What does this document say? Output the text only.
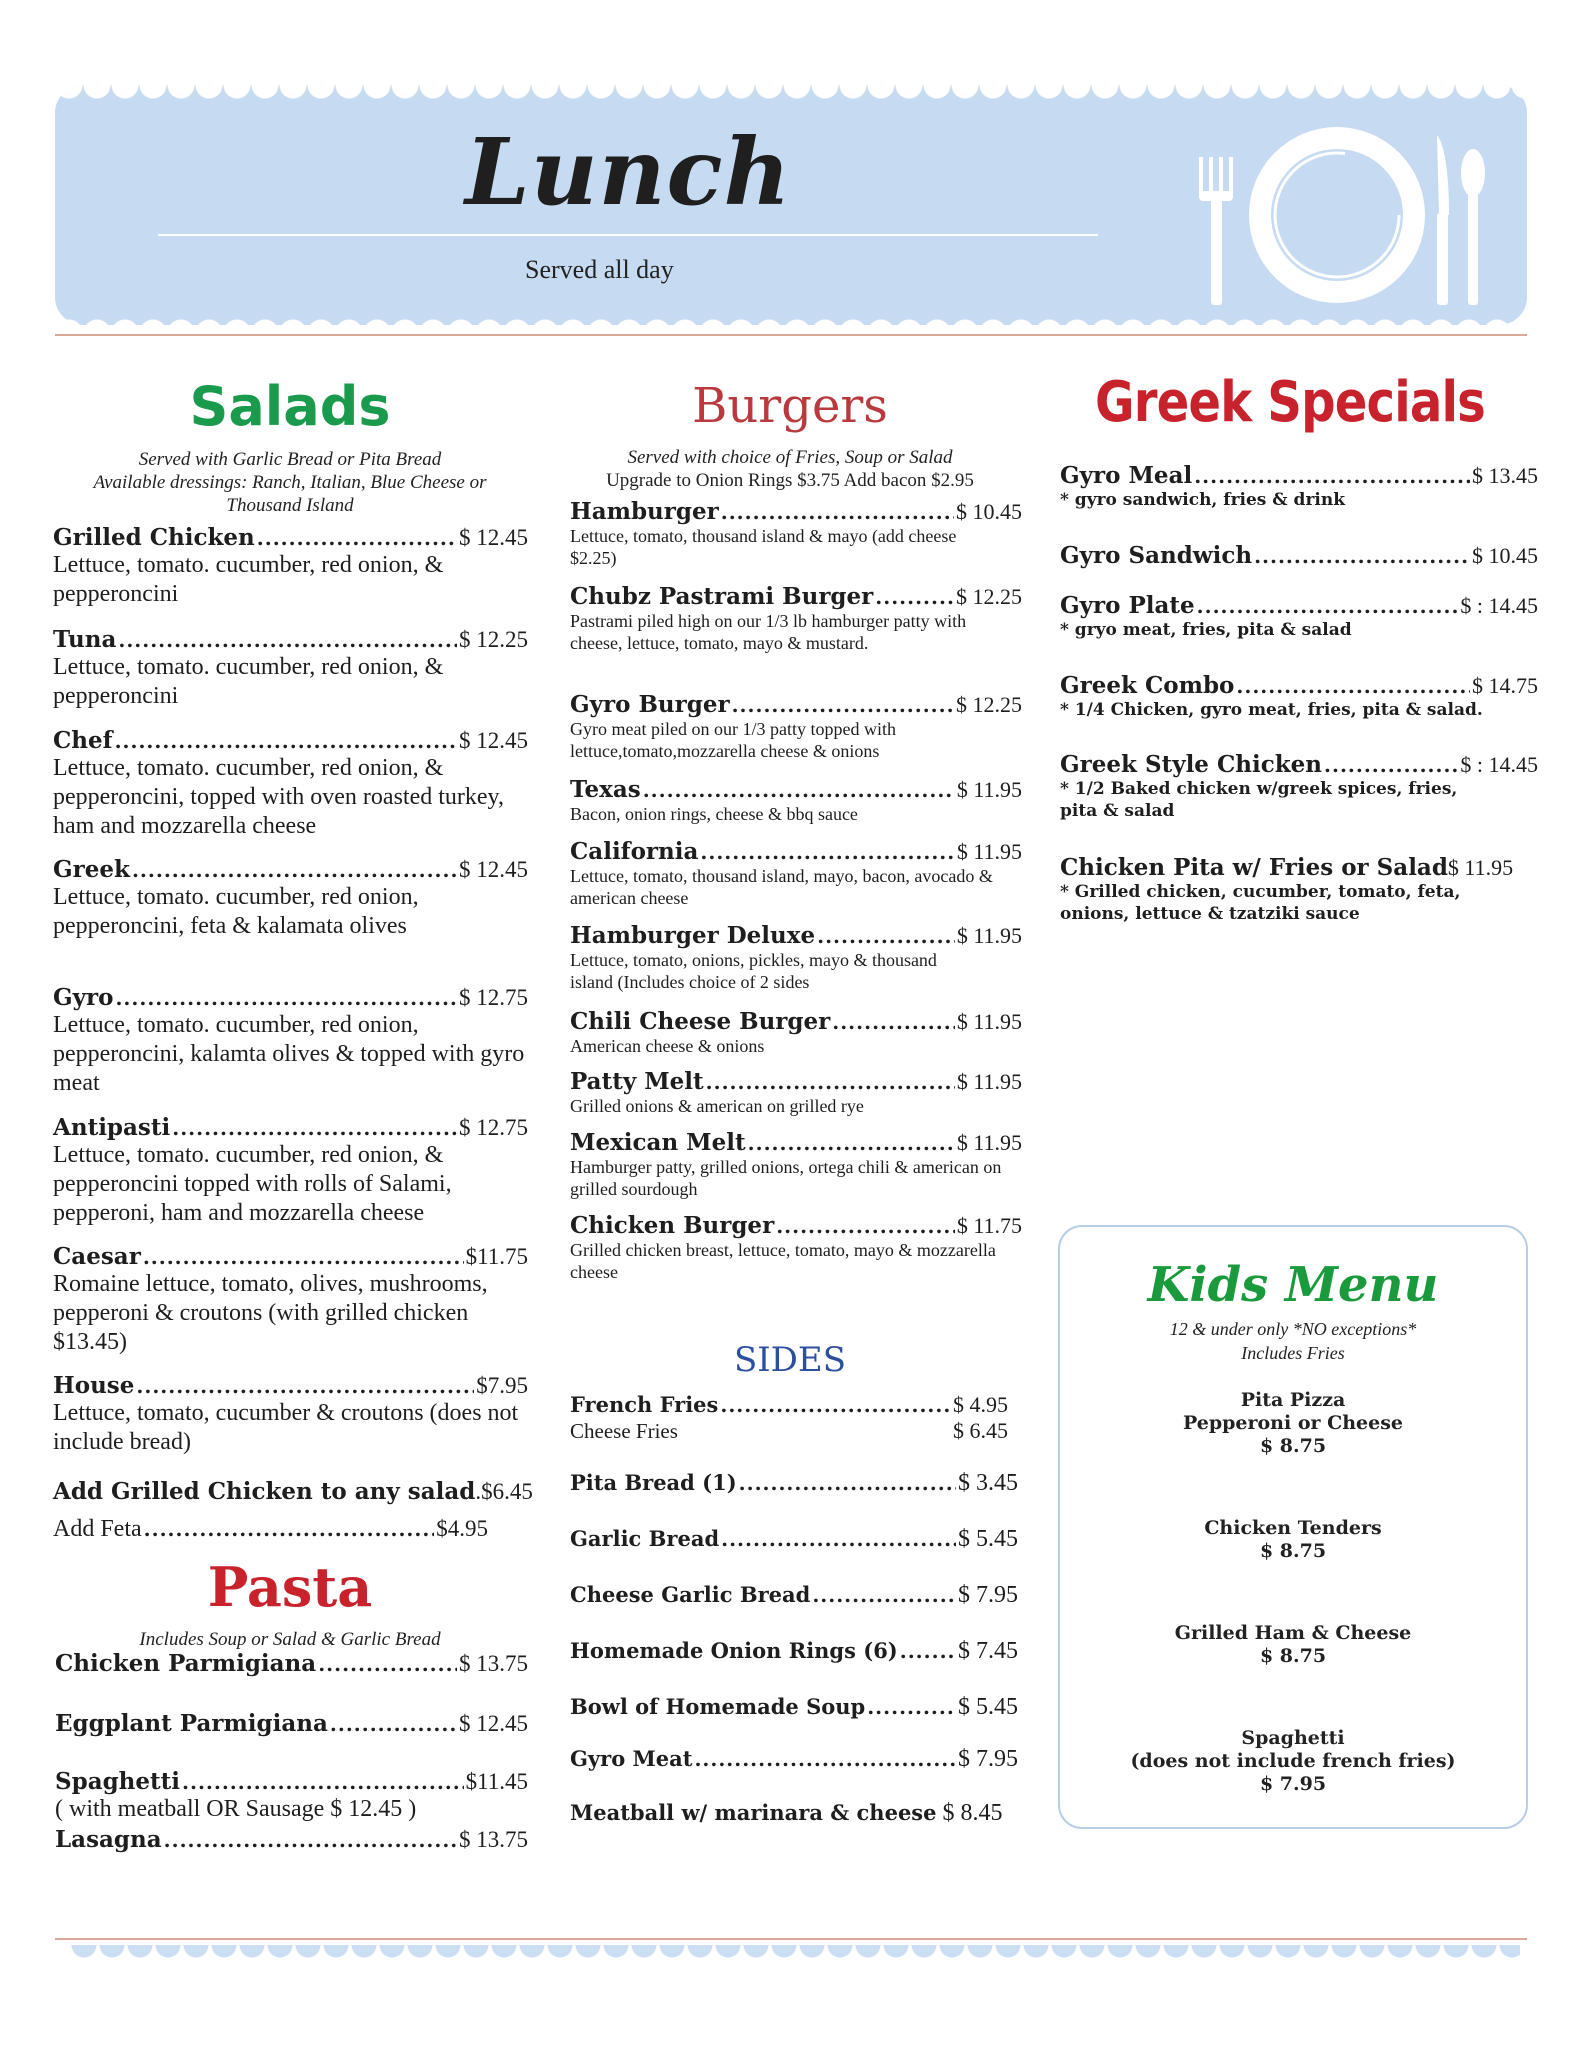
Lunch
Served all day
Salads
Served with Garlic Bread or Pita Bread
Available dressings: Ranch, Italian, Blue Cheese or
Thousand Island
Grilled Chicken .....	$ 12.45
Lettuce, tomato. cucumber, red onion, & pepperoncini
Tuna .....	$ 12.25
Lettuce, tomato. cucumber, red onion, & pepperoncini
Chef .....	$ 12.45
Lettuce, tomato. cucumber, red onion, & pepperoncini, topped with oven roasted turkey, ham and mozzarella cheese
Greek .....	$ 12.45
Lettuce, tomato. cucumber, red onion, pepperoncini, feta & kalamata olives
Gyro .....	$ 12.75
Lettuce, tomato. cucumber, red onion, pepperoncini, kalamta olives & topped with gyro meat
Antipasti .....	$ 12.75
Lettuce, tomato. cucumber, red onion, & pepperoncini topped with rolls of Salami, pepperoni, ham and mozzarella cheese
Caesar .....	$11.75
Romaine lettuce, tomato, olives, mushrooms, pepperoni & croutons (with grilled chicken $13.45)
House .....	$7.95
Lettuce, tomato, cucumber & croutons (does not include bread)
Add Grilled Chicken to any salad .$6.45
Add Feta .....	$4.95
Pasta
Includes Soup or Salad & Garlic Bread
Chicken Parmigiana .....	$ 13.75
Eggplant Parmigiana .....	$ 12.45
Spaghetti .....	$11.45
( with meatball OR Sausage $ 12.45 )
Lasagna .....	$ 13.75
Burgers
Served with choice of Fries, Soup or Salad
Upgrade to Onion Rings $3.75 Add bacon $2.95
Hamburger .....	$ 10.45
Lettuce, tomato, thousand island & mayo (add cheese $2.25)
Chubz Pastrami Burger .....	$ 12.25
Pastrami piled high on our 1/3 lb hamburger patty with cheese, lettuce, tomato, mayo & mustard.
Gyro Burger .....	$ 12.25
Gyro meat piled on our 1/3 patty topped with lettuce,tomato,mozzarella cheese & onions
Texas .....	$ 11.95
Bacon, onion rings, cheese & bbq sauce
California .....	$ 11.95
Lettuce, tomato, thousand island, mayo, bacon, avocado & american cheese
Hamburger Deluxe .....	$ 11.95
Lettuce, tomato, onions, pickles, mayo & thousand island (Includes choice of 2 sides
Chili Cheese Burger .....	$ 11.95
American cheese & onions
Patty Melt .....	$ 11.95
Grilled onions & american on grilled rye
Mexican Melt .....	$ 11.95
Hamburger patty, grilled onions, ortega chili & american on grilled sourdough
Chicken Burger .....	$ 11.75
Grilled chicken breast, lettuce, tomato, mayo & mozzarella cheese
SIDES
French Fries .....	$ 4.95
Cheese Fries	$ 6.45
Pita Bread (1) .....	$ 3.45
Garlic Bread .....	$ 5.45
Cheese Garlic Bread .....	$ 7.95
Homemade Onion Rings (6) .....	$ 7.45
Bowl of Homemade Soup .....	$ 5.45
Gyro Meat .....	$ 7.95
Meatball w/ marinara & cheese $ 8.45
Greek Specials
Gyro Meal .....	$ 13.45
* gyro sandwich, fries & drink
Gyro Sandwich .....	$ 10.45
Gyro Plate .....	$ : 14.45
* gryo meat, fries, pita & salad
Greek Combo .....	$ 14.75
* 1/4 Chicken, gyro meat, fries, pita & salad.
Greek Style Chicken .....	$ : 14.45
* 1/2 Baked chicken w/greek spices, fries, pita & salad
Chicken Pita w/ Fries or Salad $ 11.95
* Grilled chicken, cucumber, tomato, feta, onions, lettuce & tzatziki sauce
Kids Menu
12 & under only *NO exceptions*
Includes Fries
Pita Pizza
Pepperoni or Cheese
$ 8.75
Chicken Tenders
$ 8.75
Grilled Ham & Cheese
$ 8.75
Spaghetti
(does not include french fries)
$ 7.95
